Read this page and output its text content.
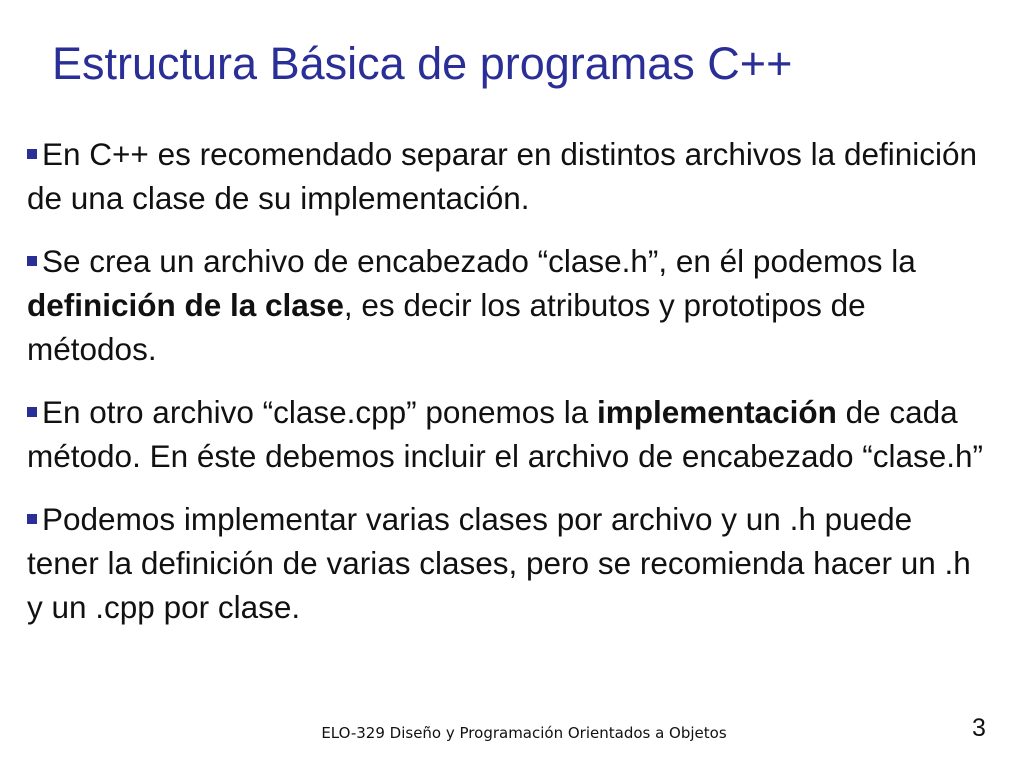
Estructura Básica de programas C++
En C++ es recomendado separar en distintos archivos la definición de una clase de su implementación.
Se crea un archivo de encabezado “clase.h”, en él podemos la definición de la clase, es decir los atributos y prototipos de métodos.
En otro archivo “clase.cpp” ponemos la implementación de cada método. En éste debemos incluir el archivo de encabezado “clase.h”
Podemos implementar varias clases por archivo y un .h puede tener la definición de varias clases, pero se recomienda hacer un .h y un .cpp por clase.
ELO-329 Diseño y Programación Orientados a Objetos	3
